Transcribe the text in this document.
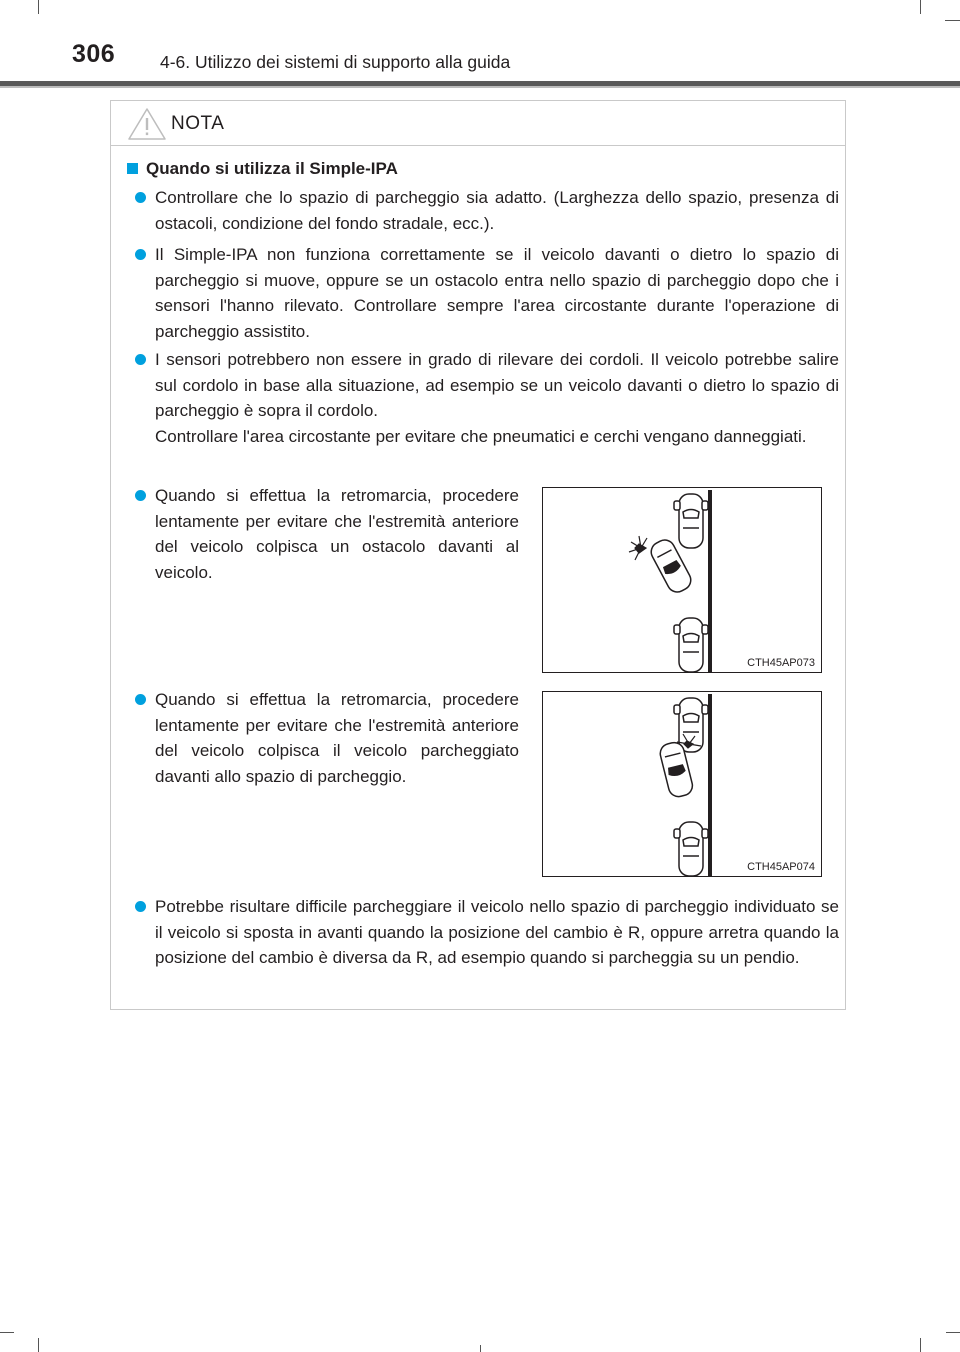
306	4-6. Utilizzo dei sistemi di supporto alla guida
NOTA
Quando si utilizza il Simple-IPA
Controllare che lo spazio di parcheggio sia adatto. (Larghezza dello spazio, presenza di ostacoli, condizione del fondo stradale, ecc.).
Il Simple-IPA non funziona correttamente se il veicolo davanti o dietro lo spazio di parcheggio si muove, oppure se un ostacolo entra nello spazio di parcheggio dopo che i sensori l'hanno rilevato. Controllare sempre l'area circostante durante l'operazione di parcheggio assistito.
I sensori potrebbero non essere in grado di rilevare dei cordoli. Il veicolo potrebbe salire sul cordolo in base alla situazione, ad esempio se un veicolo davanti o dietro lo spazio di parcheggio è sopra il cordolo.
Controllare l'area circostante per evitare che pneumatici e cerchi vengano danneggiati.
Quando si effettua la retromarcia, procedere lentamente per evitare che l'estremità anteriore del veicolo colpisca un ostacolo davanti al veicolo.
CTH45AP073
Quando si effettua la retromarcia, procedere lentamente per evitare che l'estremità anteriore del veicolo colpisca il veicolo parcheggiato davanti allo spazio di parcheggio.
CTH45AP074
Potrebbe risultare difficile parcheggiare il veicolo nello spazio di parcheggio individuato se il veicolo si sposta in avanti quando la posizione del cambio è R, oppure arretra quando la posizione del cambio è diversa da R, ad esempio quando si parcheggia su un pendio.
